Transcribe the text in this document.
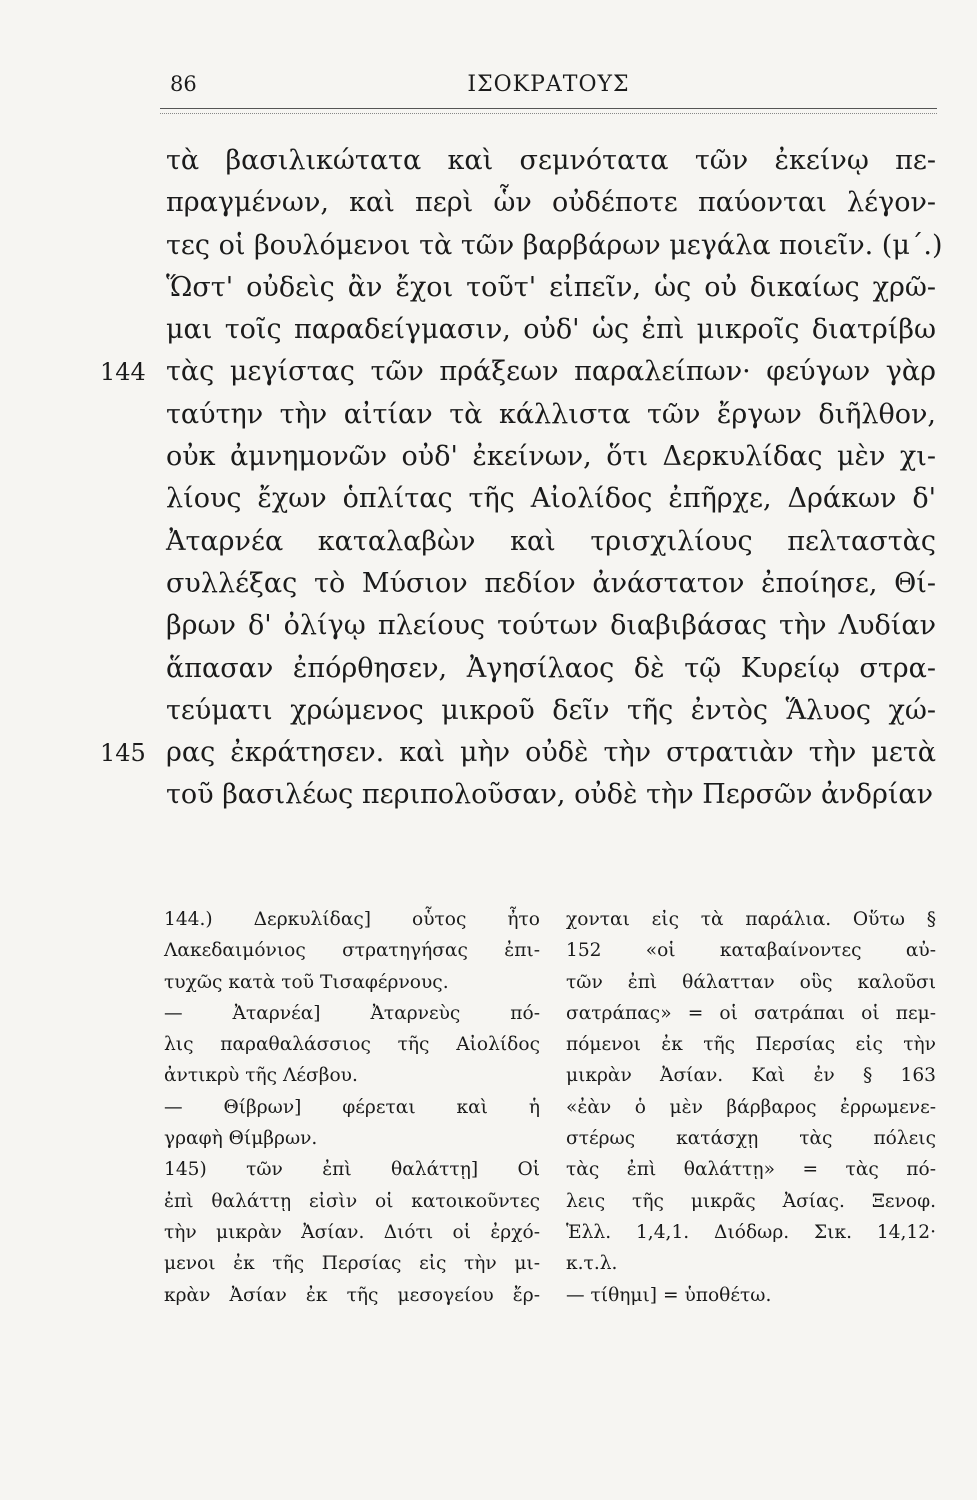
86	ΙΣΟΚΡΑΤΟΥΣ
τὰ βασιλικώτατα καὶ σεμνότατα τῶν ἐκείνῳ πε-
πραγμένων, καὶ περὶ ὧν οὐδέποτε παύονται λέγον-
τες οἱ βουλόμενοι τὰ τῶν βαρβάρων μεγάλα ποιεῖν. (μ΄.)
Ὥστ' οὐδεὶς ἂν ἔχοι τοῦτ' εἰπεῖν, ὡς οὐ δικαίως χρῶ-
μαι τοῖς παραδείγμασιν, οὐδ' ὡς ἐπὶ μικροῖς διατρίβω
144 τὰς μεγίστας τῶν πράξεων παραλείπων· φεύγων γὰρ
ταύτην τὴν αἰτίαν τὰ κάλλιστα τῶν ἔργων διῆλθον,
οὐκ ἀμνημονῶν οὐδ' ἐκείνων, ὅτι Δερκυλίδας μὲν χι-
λίους ἔχων ὁπλίτας τῆς Αἰολίδος ἐπῆρχε, Δράκων δ'
Ἀταρνέα καταλαβὼν καὶ τρισχιλίους πελταστὰς
συλλέξας τὸ Μύσιον πεδίον ἀνάστατον ἐποίησε, Θί-
βρων δ' ὀλίγῳ πλείους τούτων διαβιβάσας τὴν Λυδίαν
ἅπασαν ἐπόρθησεν, Ἀγησίλαος δὲ τῷ Κυρείῳ στρα-
τεύματι χρώμενος μικροῦ δεῖν τῆς ἐντὸς Ἅλυος χώ-
145 ρας ἐκράτησεν. καὶ μὴν οὐδὲ τὴν στρατιὰν τὴν μετὰ
τοῦ βασιλέως περιπολοῦσαν, οὐδὲ τὴν Περσῶν ἀνδρίαν
144.) Δερκυλίδας] οὗτος ἦτο
Λακεδαιμόνιος στρατηγήσας ἐπι-
τυχῶς κατὰ τοῦ Τισαφέρνους.
— Ἀταρνέα] Ἀταρνεὺς πό-
λις παραθαλάσσιος τῆς Αἰολίδος
ἀντικρὺ τῆς Λέσβου.
— Θίβρων] φέρεται καὶ ἡ
γραφὴ Θίμβρων.
145) τῶν ἐπὶ θαλάττῃ] Οἱ
ἐπὶ θαλάττῃ εἰσὶν οἱ κατοικοῦντες
τὴν μικρὰν Ἀσίαν. Διότι οἱ ἐρχό-
μενοι ἐκ τῆς Περσίας εἰς τὴν μι-
κρὰν Ἀσίαν ἐκ τῆς μεσογείου ἔρ-
χονται εἰς τὰ παράλια. Οὕτω §
152 «οἱ καταβαίνοντες αὐ-
τῶν ἐπὶ θάλατταν οὓς καλοῦσι
σατράπας» = οἱ σατράπαι οἱ πεμ-
πόμενοι ἐκ τῆς Περσίας εἰς τὴν
μικρὰν Ἀσίαν. Καὶ ἐν § 163
«ἐὰν ὁ μὲν βάρβαρος ἐρρωμενε-
στέρως κατάσχῃ τὰς πόλεις
τὰς ἐπὶ θαλάττῃ» = τὰς πό-
λεις τῆς μικρᾶς Ἀσίας. Ξενοφ.
Ἑλλ. 1,4,1. Διόδωρ. Σικ. 14,12·
κ.τ.λ.
— τίθημι] = ὑποθέτω.
